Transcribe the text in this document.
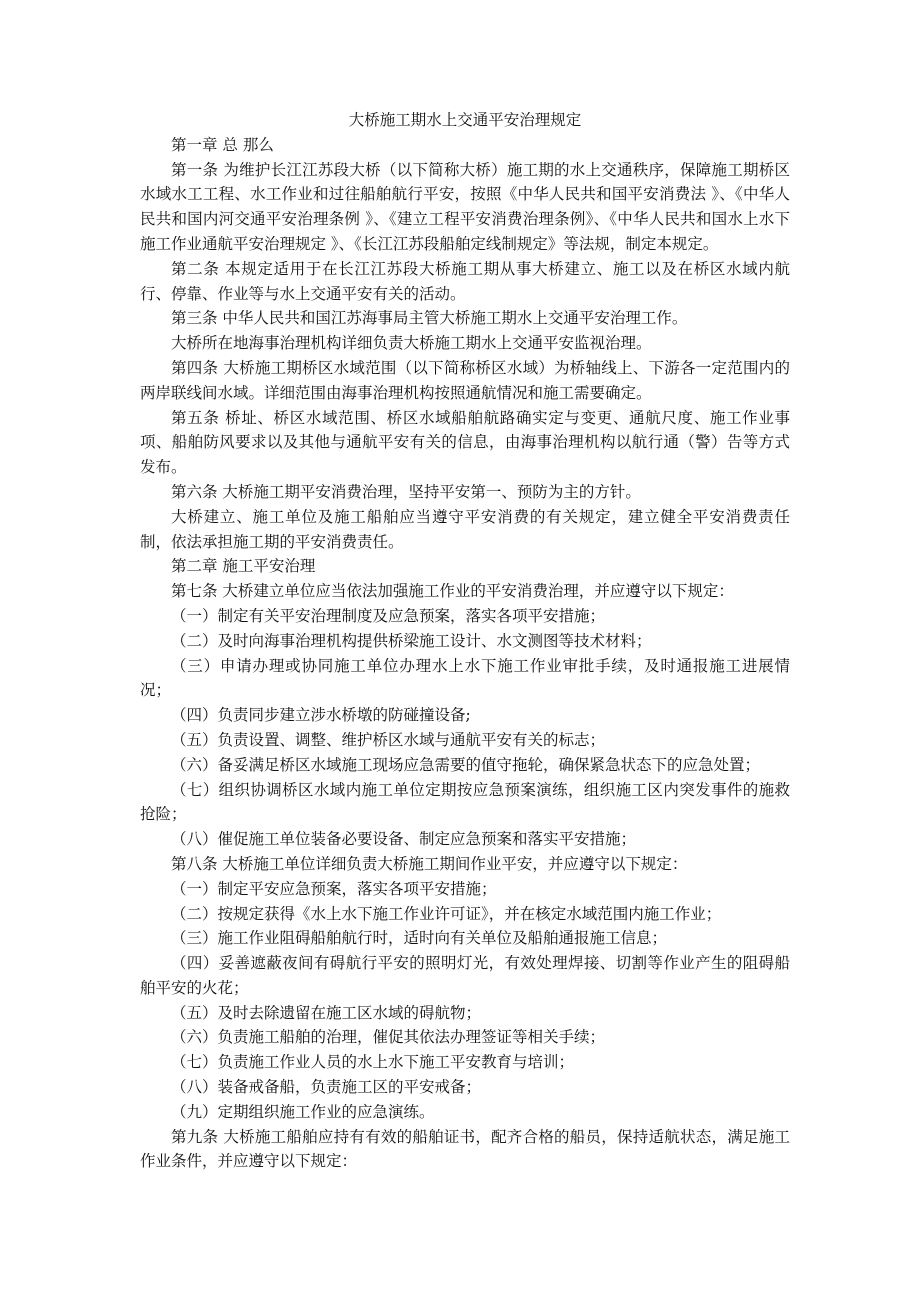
大桥施工期水上交通平安治理规定

第一章 总 那么

第一条 为维护长江江苏段大桥（以下简称大桥）施工期的水上交通秩序，保障施工期桥区水域水工工程、水工作业和过往船舶航行平安，按照《中华人民共和国平安消费法 》、《中华人民共和国内河交通平安治理条例 》、《建立工程平安消费治理条例》、《中华人民共和国水上水下施工作业通航平安治理规定 》、《长江江苏段船舶定线制规定》等法规，制定本规定。

第二条 本规定适用于在长江江苏段大桥施工期从事大桥建立、施工以及在桥区水域内航行、停靠、作业等与水上交通平安有关的活动。

第三条 中华人民共和国江苏海事局主管大桥施工期水上交通平安治理工作。

大桥所在地海事治理机构详细负责大桥施工期水上交通平安监视治理。

第四条 大桥施工期桥区水域范围（以下简称桥区水域）为桥轴线上、下游各一定范围内的两岸联线间水域。详细范围由海事治理机构按照通航情况和施工需要确定。

第五条 桥址、桥区水域范围、桥区水域船舶航路确实定与变更、通航尺度、施工作业事项、船舶防风要求以及其他与通航平安有关的信息，由海事治理机构以航行通（警）告等方式发布。

第六条 大桥施工期平安消费治理，坚持平安第一、预防为主的方针。

大桥建立、施工单位及施工船舶应当遵守平安消费的有关规定，建立健全平安消费责任制，依法承担施工期的平安消费责任。

第二章 施工平安治理

第七条 大桥建立单位应当依法加强施工作业的平安消费治理，并应遵守以下规定：

（一）制定有关平安治理制度及应急预案，落实各项平安措施；

（二）及时向海事治理机构提供桥梁施工设计、水文测图等技术材料；

（三）申请办理或协同施工单位办理水上水下施工作业审批手续，及时通报施工进展情况；

（四）负责同步建立涉水桥墩的防碰撞设备;

（五）负责设置、调整、维护桥区水域与通航平安有关的标志；

（六）备妥满足桥区水域施工现场应急需要的值守拖轮，确保紧急状态下的应急处置；

（七）组织协调桥区水域内施工单位定期按应急预案演练，组织施工区内突发事件的施救抢险；

（八）催促施工单位装备必要设备、制定应急预案和落实平安措施；

第八条 大桥施工单位详细负责大桥施工期间作业平安，并应遵守以下规定：

（一）制定平安应急预案，落实各项平安措施；

（二）按规定获得《水上水下施工作业许可证》，并在核定水域范围内施工作业；

（三）施工作业阻碍船舶航行时，适时向有关单位及船舶通报施工信息；

（四）妥善遮蔽夜间有碍航行平安的照明灯光，有效处理焊接、切割等作业产生的阻碍船舶平安的火花；

（五）及时去除遗留在施工区水域的碍航物；

（六）负责施工船舶的治理，催促其依法办理签证等相关手续；

（七）负责施工作业人员的水上水下施工平安教育与培训；

（八）装备戒备船，负责施工区的平安戒备；

（九）定期组织施工作业的应急演练。

第九条 大桥施工船舶应持有有效的船舶证书，配齐合格的船员，保持适航状态，满足施工作业条件，并应遵守以下规定：
